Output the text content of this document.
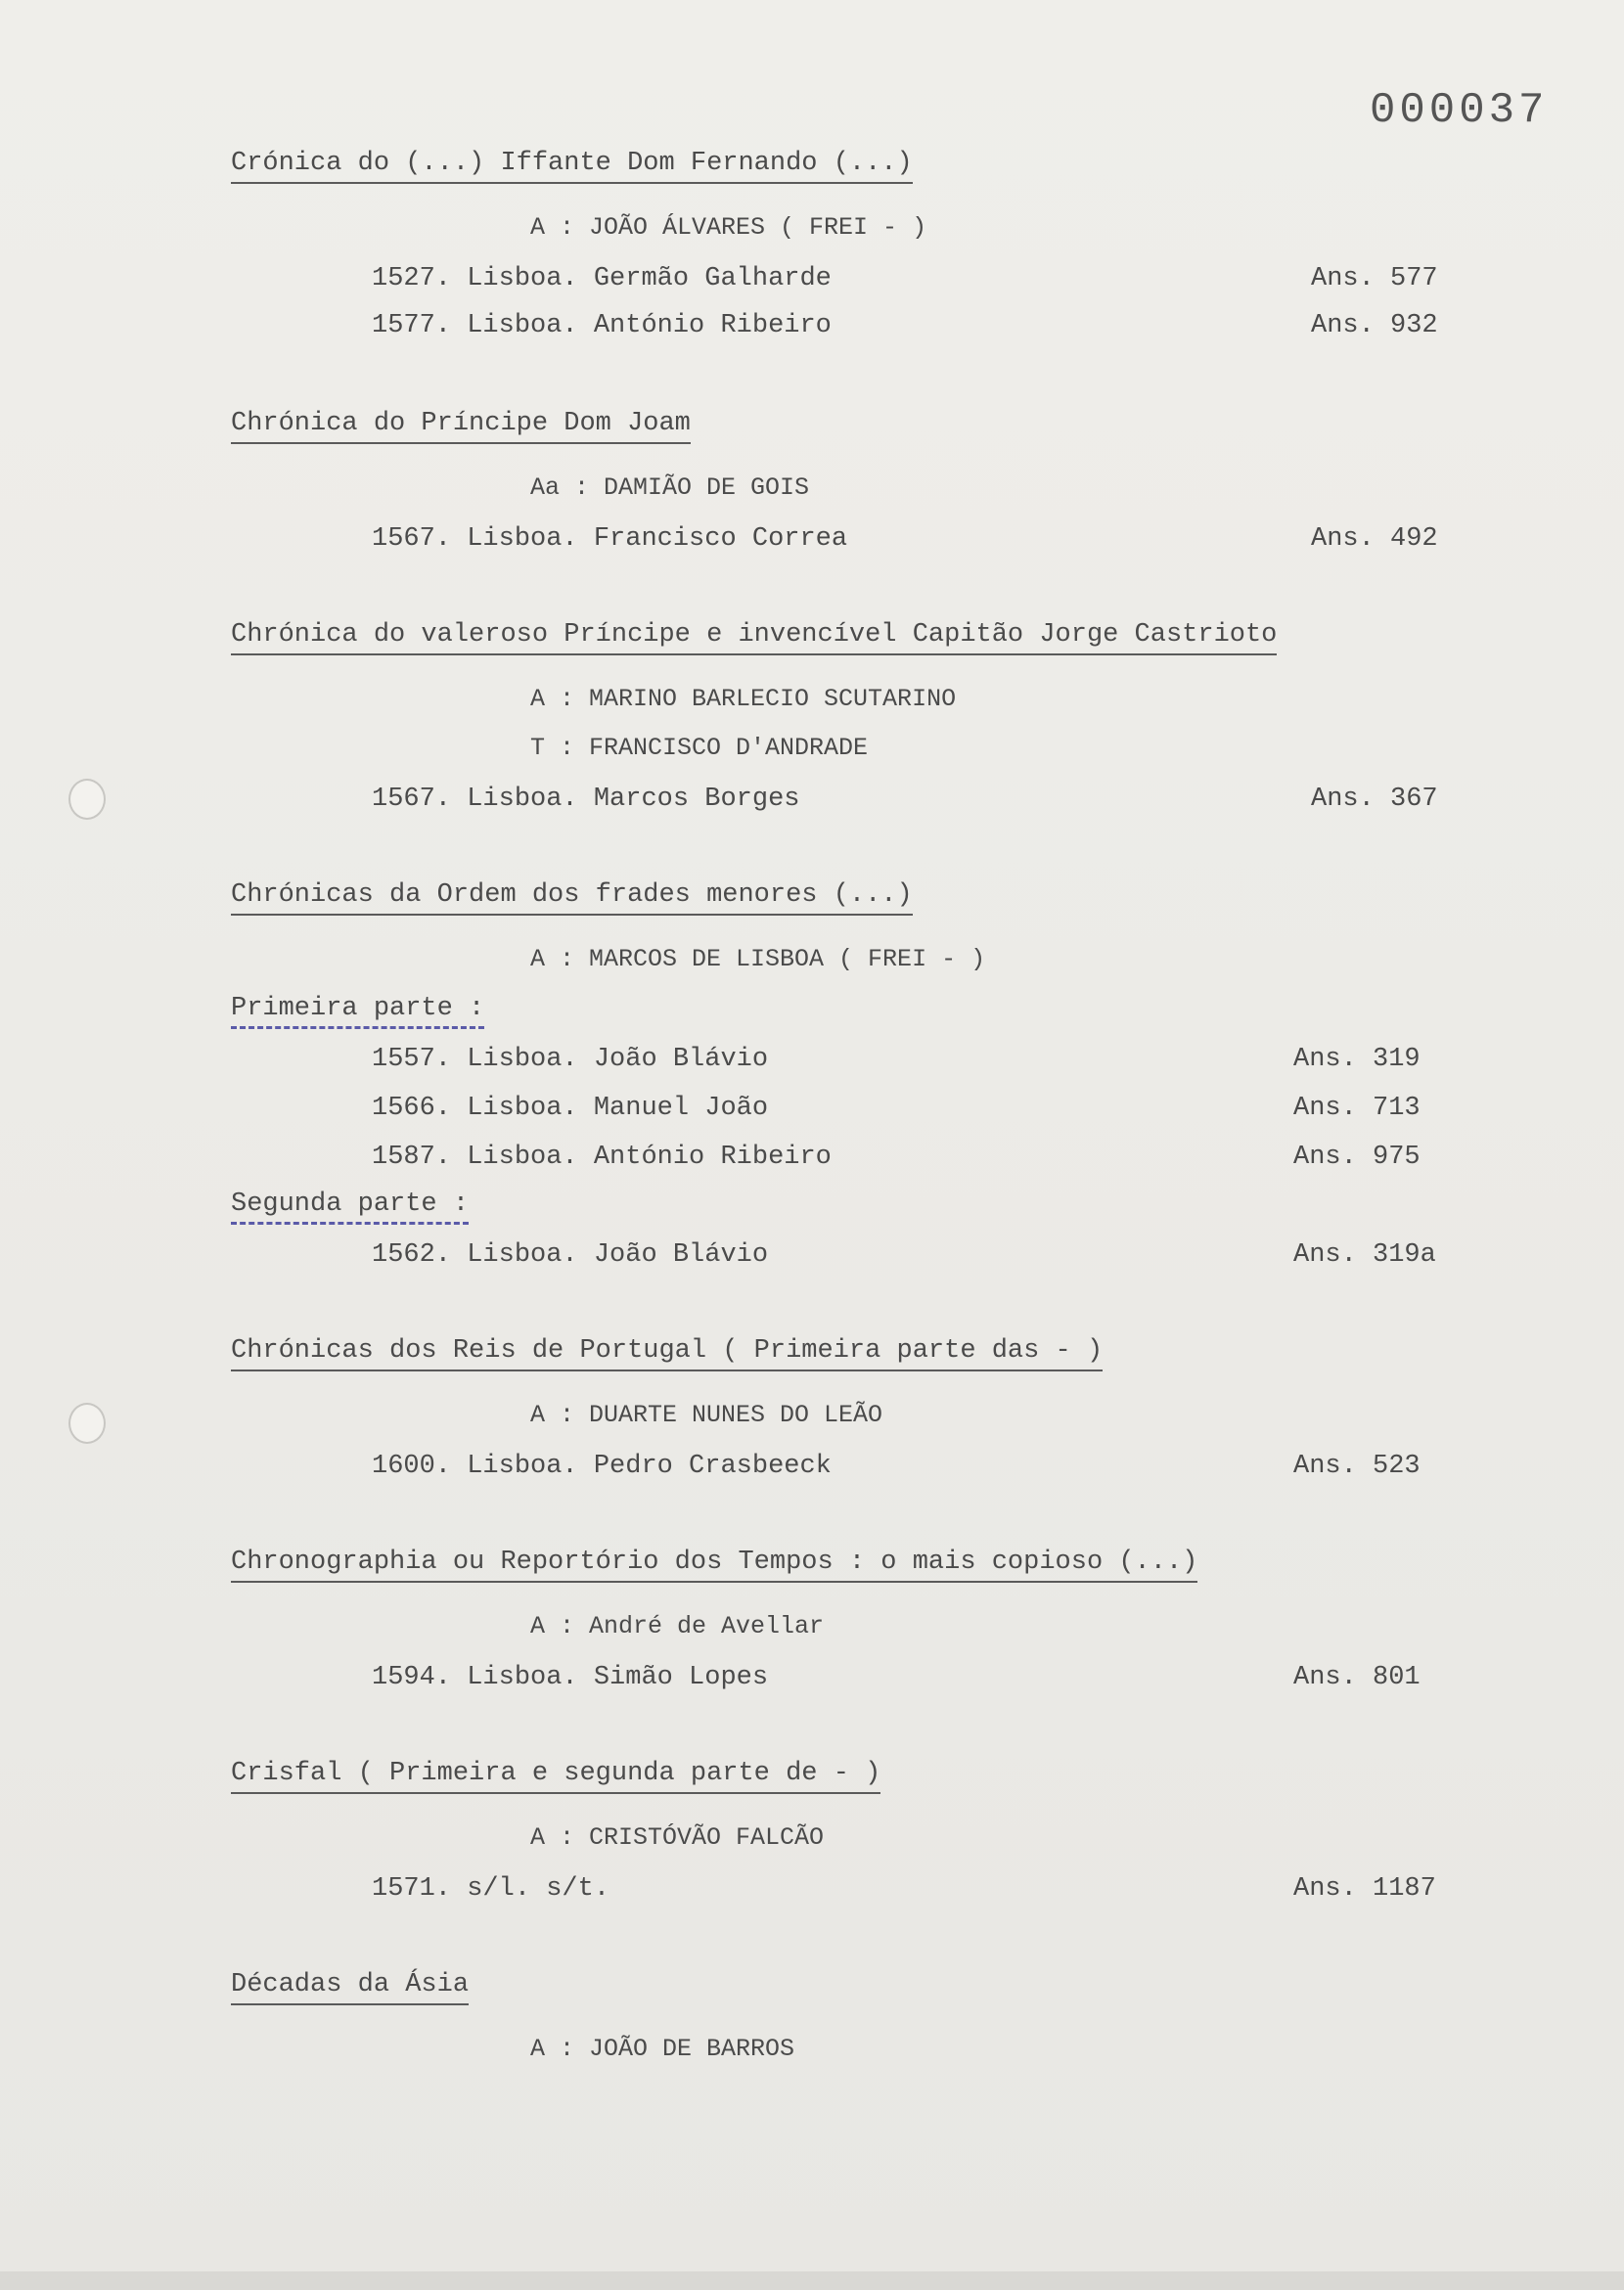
000037
Crónica do (...) Iffante Dom Fernando (...)
A : JOÃO ÁLVARES ( FREI - )
1527. Lisboa. Germão Galharde	Ans. 577
1577. Lisboa. António Ribeiro	Ans. 932
Chrónica do Príncipe Dom Joam
Aa : DAMIÃO DE GOIS
1567. Lisboa. Francisco Correa	Ans. 492
Chrónica do valeroso Príncipe e invencível Capitão Jorge Castrioto
A : MARINO BARLECIO SCUTARINO
T : FRANCISCO D'ANDRADE
1567. Lisboa. Marcos Borges	Ans. 367
Chrónicas da Ordem dos frades menores (...)
A : MARCOS DE LISBOA ( FREI - )
Primeira parte :
1557. Lisboa. João Blávio	Ans. 319
1566. Lisboa. Manuel João	Ans. 713
1587. Lisboa. António Ribeiro	Ans. 975
Segunda parte :
1562. Lisboa. João Blávio	Ans. 319a
Chrónicas dos Reis de Portugal ( Primeira parte das - )
A : DUARTE NUNES DO LEÃO
1600. Lisboa. Pedro Crasbeeck	Ans. 523
Chronographia ou Reportório dos Tempos : o mais copioso (...)
A : André de Avellar
1594. Lisboa. Simão Lopes	Ans. 801
Crisfal ( Primeira e segunda parte de - )
A : CRISTÓVÃO FALCÃO
1571. s/l. s/t.	Ans. 1187
Décadas da Ásia
A : JOÃO DE BARROS
